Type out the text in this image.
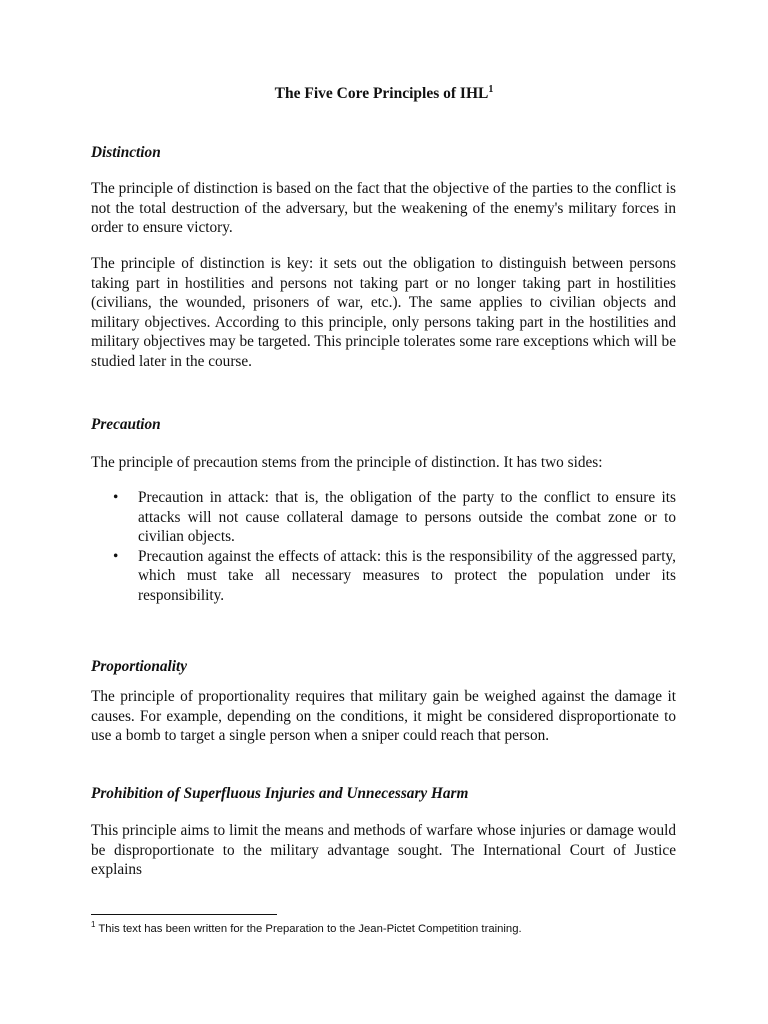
The Five Core Principles of IHL$^1$
Distinction
The principle of distinction is based on the fact that the objective of the parties to the conflict is not the total destruction of the adversary, but the weakening of the enemy's military forces in order to ensure victory.
The principle of distinction is key: it sets out the obligation to distinguish between persons taking part in hostilities and persons not taking part or no longer taking part in hostilities (civilians, the wounded, prisoners of war, etc.). The same applies to civilian objects and military objectives. According to this principle, only persons taking part in the hostilities and military objectives may be targeted. This principle tolerates some rare exceptions which will be studied later in the course.
Precaution
The principle of precaution stems from the principle of distinction. It has two sides:
• Precaution in attack: that is, the obligation of the party to the conflict to ensure its attacks will not cause collateral damage to persons outside the combat zone or to civilian objects.
• Precaution against the effects of attack: this is the responsibility of the aggressed party, which must take all necessary measures to protect the population under its responsibility.
Proportionality
The principle of proportionality requires that military gain be weighed against the damage it causes. For example, depending on the conditions, it might be considered disproportionate to use a bomb to target a single person when a sniper could reach that person.
Prohibition of Superfluous Injuries and Unnecessary Harm
This principle aims to limit the means and methods of warfare whose injuries or damage would be disproportionate to the military advantage sought. The International Court of Justice explains
$^1$ This text has been written for the Preparation to the Jean-Pictet Competition training.
